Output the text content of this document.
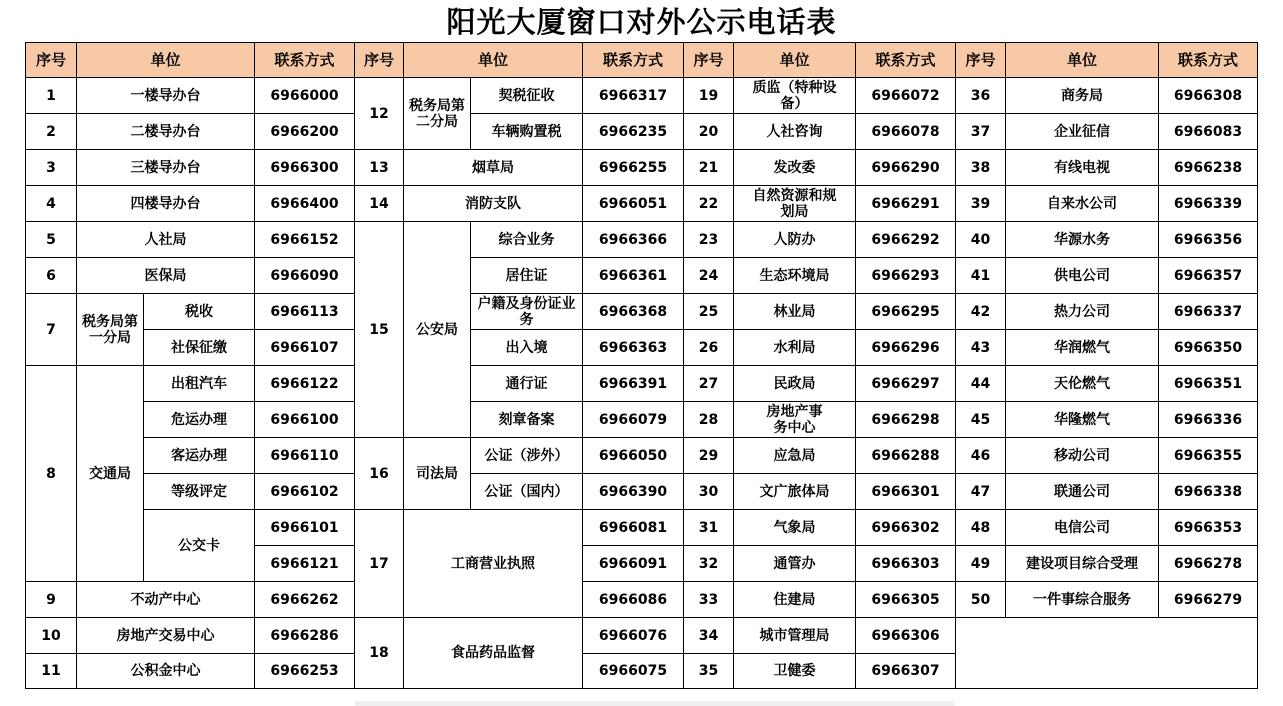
阳光大厦窗口对外公示电话表
序号	单位		联系方式
1	一楼导办台		6966000
2	二楼导办台		6966200
3	三楼导办台		6966300
4	四楼导办台		6966400
5	人社局		6966152
6	医保局		6966090
7	税务局第一分局	税收	6966113
		社保征缴	6966107
8	交通局	出租汽车	6966122
		危运办理	6966100
		客运办理	6966110
		等级评定	6966102
		公交卡	6966101
			6966121
9	不动产中心		6966262
10	房地产交易中心		6966286
11	公积金中心		6966253
序号	单位		联系方式
12	税务局第二分局	契税征收	6966317
		车辆购置税	6966235
13	烟草局		6966255
14	消防支队		6966051
15	公安局	综合业务	6966366
		居住证	6966361
		户籍及身份证业务	6966368
		出入境	6966363
		通行证	6966391
		刻章备案	6966079
16	司法局	公证（涉外）	6966050
		公证（国内）	6966390
17	工商营业执照		6966081
			6966091
			6966086
18	食品药品监督		6966076
			6966075
序号	单位	联系方式
19	质监（特种设备）	6966072
20	人社咨询	6966078
21	发改委	6966290
22	自然资源和规划局	6966291
23	人防办	6966292
24	生态环境局	6966293
25	林业局	6966295
26	水利局	6966296
27	民政局	6966297
28	房地产事务中心	6966298
29	应急局	6966288
30	文广旅体局	6966301
31	气象局	6966302
32	通管办	6966303
33	住建局	6966305
34	城市管理局	6966306
35	卫健委	6966307
序号	单位	联系方式
36	商务局	6966308
37	企业征信	6966083
38	有线电视	6966238
39	自来水公司	6966339
40	华源水务	6966356
41	供电公司	6966357
42	热力公司	6966337
43	华润燃气	6966350
44	天伦燃气	6966351
45	华隆燃气	6966336
46	移动公司	6966355
47	联通公司	6966338
48	电信公司	6966353
49	建设项目综合受理	6966278
50	一件事综合服务	6966279
